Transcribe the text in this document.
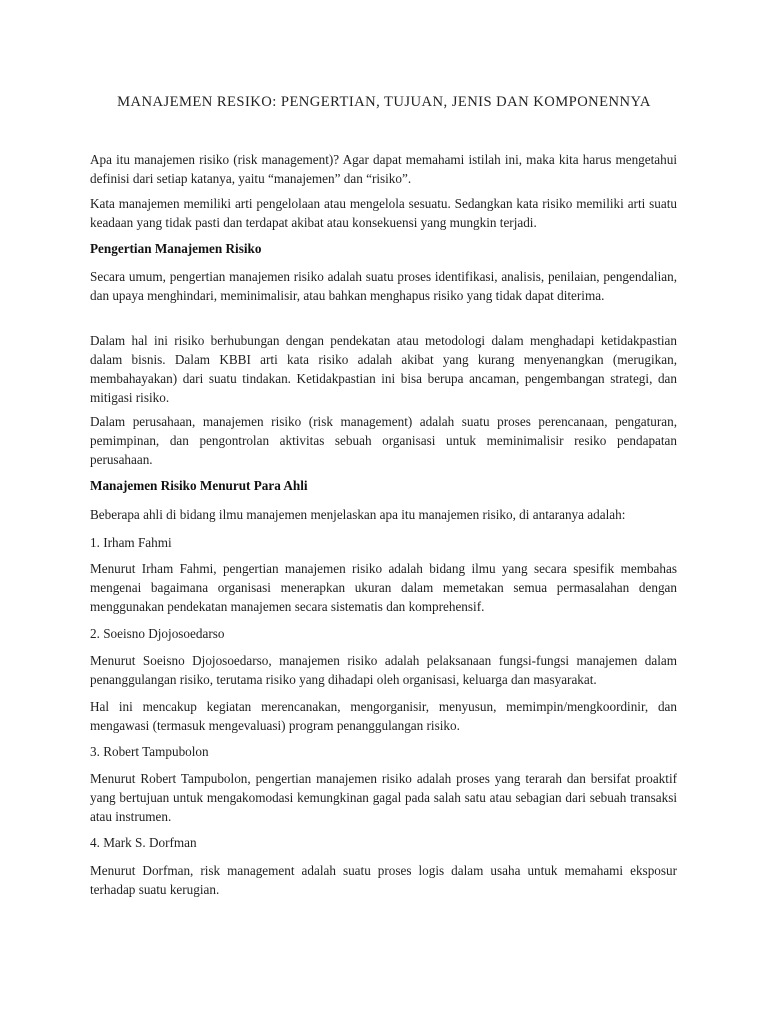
MANAJEMEN RESIKO: PENGERTIAN, TUJUAN, JENIS DAN KOMPONENNYA
Apa itu manajemen risiko (risk management)? Agar dapat memahami istilah ini, maka kita harus mengetahui definisi dari setiap katanya, yaitu “manajemen” dan “risiko”.
Kata manajemen memiliki arti pengelolaan atau mengelola sesuatu. Sedangkan kata risiko memiliki arti suatu keadaan yang tidak pasti dan terdapat akibat atau konsekuensi yang mungkin terjadi.
Pengertian Manajemen Risiko
Secara umum, pengertian manajemen risiko adalah suatu proses identifikasi, analisis, penilaian, pengendalian, dan upaya menghindari, meminimalisir, atau bahkan menghapus risiko yang tidak dapat diterima.
Dalam hal ini risiko berhubungan dengan pendekatan atau metodologi dalam menghadapi ketidakpastian dalam bisnis. Dalam KBBI arti kata risiko adalah akibat yang kurang menyenangkan (merugikan, membahayakan) dari suatu tindakan. Ketidakpastian ini bisa berupa ancaman, pengembangan strategi, dan mitigasi risiko.
Dalam perusahaan, manajemen risiko (risk management) adalah suatu proses perencanaan, pengaturan, pemimpinan, dan pengontrolan aktivitas sebuah organisasi untuk meminimalisir resiko pendapatan perusahaan.
Manajemen Risiko Menurut Para Ahli
Beberapa ahli di bidang ilmu manajemen menjelaskan apa itu manajemen risiko, di antaranya adalah:
1. Irham Fahmi
Menurut Irham Fahmi, pengertian manajemen risiko adalah bidang ilmu yang secara spesifik membahas mengenai bagaimana organisasi menerapkan ukuran dalam memetakan semua permasalahan dengan menggunakan pendekatan manajemen secara sistematis dan komprehensif.
2. Soeisno Djojosoedarso
Menurut Soeisno Djojosoedarso, manajemen risiko adalah pelaksanaan fungsi-fungsi manajemen dalam penanggulangan risiko, terutama risiko yang dihadapi oleh organisasi, keluarga dan masyarakat.
Hal ini mencakup kegiatan merencanakan, mengorganisir, menyusun, memimpin/mengkoordinir, dan mengawasi (termasuk mengevaluasi) program penanggulangan risiko.
3. Robert Tampubolon
Menurut Robert Tampubolon, pengertian manajemen risiko adalah proses yang terarah dan bersifat proaktif yang bertujuan untuk mengakomodasi kemungkinan gagal pada salah satu atau sebagian dari sebuah transaksi atau instrumen.
4. Mark S. Dorfman
Menurut Dorfman, risk management adalah suatu proses logis dalam usaha untuk memahami eksposur terhadap suatu kerugian.
